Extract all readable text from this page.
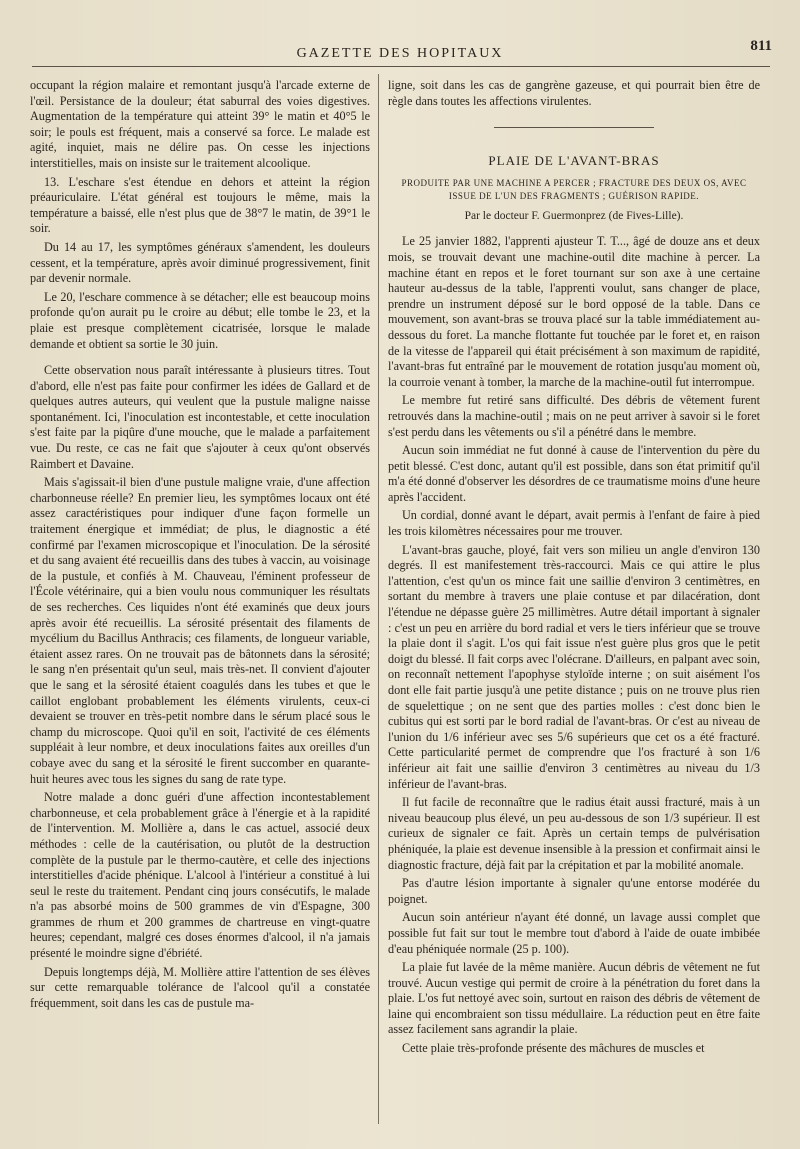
GAZETTE DES HOPITAUX	811

occupant la région malaire et remontant jusqu'à l'arcade externe de l'œil. Persistance de la douleur; état saburral des voies digestives. Augmentation de la température qui atteint 39° le matin et 40°5 le soir; le pouls est fréquent, mais a conservé sa force. Le malade est agité, inquiet, mais ne délire pas. On cesse les injections interstitielles, mais on insiste sur le traitement alcoolique.

13. L'eschare s'est étendue en dehors et atteint la région préauriculaire. L'état général est toujours le même, mais la température a baissé, elle n'est plus que de 38°7 le matin, de 39°1 le soir.

Du 14 au 17, les symptômes généraux s'amendent, les douleurs cessent, et la température, après avoir diminué progressivement, finit par devenir normale.

Le 20, l'eschare commence à se détacher; elle est beaucoup moins profonde qu'on aurait pu le croire au début; elle tombe le 23, et la plaie est presque complètement cicatrisée, lorsque le malade demande et obtient sa sortie le 30 juin.

Cette observation nous paraît intéressante à plusieurs titres. Tout d'abord, elle n'est pas faite pour confirmer les idées de Gallard et de quelques autres auteurs, qui veulent que la pustule maligne naisse spontanément. Ici, l'inoculation est incontestable, et cette inoculation s'est faite par la piqûre d'une mouche, que le malade a parfaitement vue. Du reste, ce cas ne fait que s'ajouter à ceux qu'ont observés Raimbert et Davaine.

Mais s'agissait-il bien d'une pustule maligne vraie, d'une affection charbonneuse réelle? En premier lieu, les symptômes locaux ont été assez caractéristiques pour indiquer d'une façon formelle un traitement énergique et immédiat; de plus, le diagnostic a été confirmé par l'examen microscopique et l'inoculation. De la sérosité et du sang avaient été recueillis dans des tubes à vaccin, au voisinage de la pustule, et confiés à M. Chauveau, l'éminent professeur de l'École vétérinaire, qui a bien voulu nous communiquer les résultats de ses recherches. Ces liquides n'ont été examinés que deux jours après avoir été recueillis. La sérosité présentait des filaments de mycélium du Bacillus Anthracis; ces filaments, de longueur variable, étaient assez rares. On ne trouvait pas de bâtonnets dans la sérosité; le sang n'en présentait qu'un seul, mais très-net. Il convient d'ajouter que le sang et la sérosité étaient coagulés dans les tubes et que le caillot englobant probablement les éléments virulents, ceux-ci devaient se trouver en très-petit nombre dans le sérum placé sous le champ du microscope. Quoi qu'il en soit, l'activité de ces éléments suppléait à leur nombre, et deux inoculations faites aux oreilles d'un cobaye avec du sang et la sérosité le firent succomber en quarante-huit heures avec tous les signes du sang de rate type.

Notre malade a donc guéri d'une affection incontestablement charbonneuse, et cela probablement grâce à l'énergie et à la rapidité de l'intervention. M. Mollière a, dans le cas actuel, associé deux méthodes : celle de la cautérisation, ou plutôt de la destruction complète de la pustule par le thermo-cautère, et celle des injections interstitielles d'acide phénique. L'alcool à l'intérieur a constitué à lui seul le reste du traitement. Pendant cinq jours consécutifs, le malade n'a pas absorbé moins de 500 grammes de vin d'Espagne, 300 grammes de rhum et 200 grammes de chartreuse en vingt-quatre heures; cependant, malgré ces doses énormes d'alcool, il n'a jamais présenté le moindre signe d'ébriété.

Depuis longtemps déjà, M. Mollière attire l'attention de ses élèves sur cette remarquable tolérance de l'alcool qu'il a constatée fréquemment, soit dans les cas de pustule ma-

ligne, soit dans les cas de gangrène gazeuse, et qui pourrait bien être de règle dans toutes les affections virulentes.

PLAIE DE L'AVANT-BRAS
PRODUITE PAR UNE MACHINE A PERCER ; FRACTURE DES DEUX OS, AVEC ISSUE DE L'UN DES FRAGMENTS ; GUÉRISON RAPIDE.
Par le docteur F. Guermonprez (de Fives-Lille).

Le 25 janvier 1882, l'apprenti ajusteur T. T..., âgé de douze ans et deux mois, se trouvait devant une machine-outil dite machine à percer. La machine étant en repos et le foret tournant sur son axe à une certaine hauteur au-dessus de la table, l'apprenti voulut, sans changer de place, prendre un instrument déposé sur le bord opposé de la table. Dans ce mouvement, son avant-bras se trouva placé sur la table immédiatement au-dessous du foret. La manche flottante fut touchée par le foret et, en raison de la vitesse de l'appareil qui était précisément à son maximum de rapidité, l'avant-bras fut entraîné par le mouvement de rotation jusqu'au moment où, la courroie venant à tomber, la marche de la machine-outil fut interrompue.

Le membre fut retiré sans difficulté. Des débris de vêtement furent retrouvés dans la machine-outil ; mais on ne peut arriver à savoir si le foret s'est perdu dans les vêtements ou s'il a pénétré dans le membre.

Aucun soin immédiat ne fut donné à cause de l'intervention du père du petit blessé. C'est donc, autant qu'il est possible, dans son état primitif qu'il m'a été donné d'observer les désordres de ce traumatisme moins d'une heure après l'accident.

Un cordial, donné avant le départ, avait permis à l'enfant de faire à pied les trois kilomètres nécessaires pour me trouver.

L'avant-bras gauche, ployé, fait vers son milieu un angle d'environ 130 degrés. Il est manifestement très-raccourci. Mais ce qui attire le plus l'attention, c'est qu'un os mince fait une saillie d'environ 3 centimètres, en sortant du membre à travers une plaie contuse et par dilacération, dont l'étendue ne dépasse guère 25 millimètres. Autre détail important à signaler : c'est un peu en arrière du bord radial et vers le tiers inférieur que se trouve la plaie dont il s'agit. L'os qui fait issue n'est guère plus gros que le petit doigt du blessé. Il fait corps avec l'olécrane. D'ailleurs, en palpant avec soin, on reconnaît nettement l'apophyse styloïde interne ; on suit aisément l'os dont elle fait partie jusqu'à une petite distance ; puis on ne trouve plus rien de squelettique ; on ne sent que des parties molles : c'est donc bien le cubitus qui est sorti par le bord radial de l'avant-bras. Or c'est au niveau de l'union du 1/6 inférieur avec ses 5/6 supérieurs que cet os a été fracturé. Cette particularité permet de comprendre que l'os fracturé à son 1/6 inférieur ait fait une saillie d'environ 3 centimètres au niveau du 1/3 inférieur de l'avant-bras.

Il fut facile de reconnaître que le radius était aussi fracturé, mais à un niveau beaucoup plus élevé, un peu au-dessous de son 1/3 supérieur. Il est curieux de signaler ce fait. Après un certain temps de pulvérisation phéniquée, la plaie est devenue insensible à la pression et confirmait ainsi le diagnostic fracture, déjà fait par la crépitation et par la mobilité anomale.

Pas d'autre lésion importante à signaler qu'une entorse modérée du poignet.

Aucun soin antérieur n'ayant été donné, un lavage aussi complet que possible fut fait sur tout le membre tout d'abord à l'aide de ouate imbibée d'eau phéniquée normale (25 p. 100).

La plaie fut lavée de la même manière. Aucun débris de vêtement ne fut trouvé. Aucun vestige qui permit de croire à la pénétration du foret dans la plaie. L'os fut nettoyé avec soin, surtout en raison des débris de vêtement de laine qui encombraient son tissu médullaire. La réduction peut en être faite assez facilement sans agrandir la plaie.

Cette plaie très-profonde présente des mâchures de muscles et
